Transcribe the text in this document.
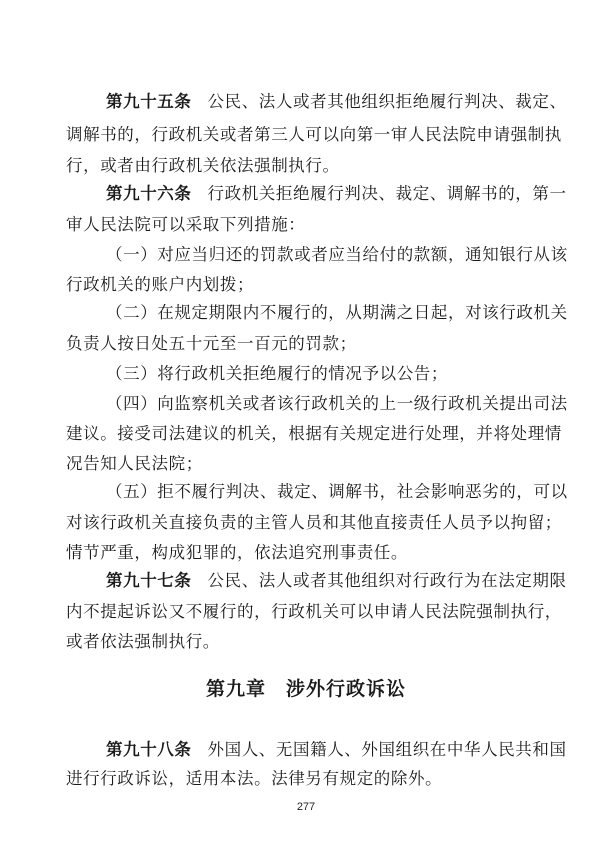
第九十五条 公民、法人或者其他组织拒绝履行判决、裁定、
调解书的，行政机关或者第三人可以向第一审人民法院申请强制执
行，或者由行政机关依法强制执行。
第九十六条 行政机关拒绝履行判决、裁定、调解书的，第一
审人民法院可以采取下列措施：
（一）对应当归还的罚款或者应当给付的款额，通知银行从该
行政机关的账户内划拨；
（二）在规定期限内不履行的，从期满之日起，对该行政机关
负责人按日处五十元至一百元的罚款；
（三）将行政机关拒绝履行的情况予以公告；
（四）向监察机关或者该行政机关的上一级行政机关提出司法
建议。接受司法建议的机关，根据有关规定进行处理，并将处理情
况告知人民法院；
（五）拒不履行判决、裁定、调解书，社会影响恶劣的，可以
对该行政机关直接负责的主管人员和其他直接责任人员予以拘留；
情节严重，构成犯罪的，依法追究刑事责任。
第九十七条 公民、法人或者其他组织对行政行为在法定期限
内不提起诉讼又不履行的，行政机关可以申请人民法院强制执行，
或者依法强制执行。
第九章 涉外行政诉讼
第九十八条 外国人、无国籍人、外国组织在中华人民共和国
进行行政诉讼，适用本法。法律另有规定的除外。
277
